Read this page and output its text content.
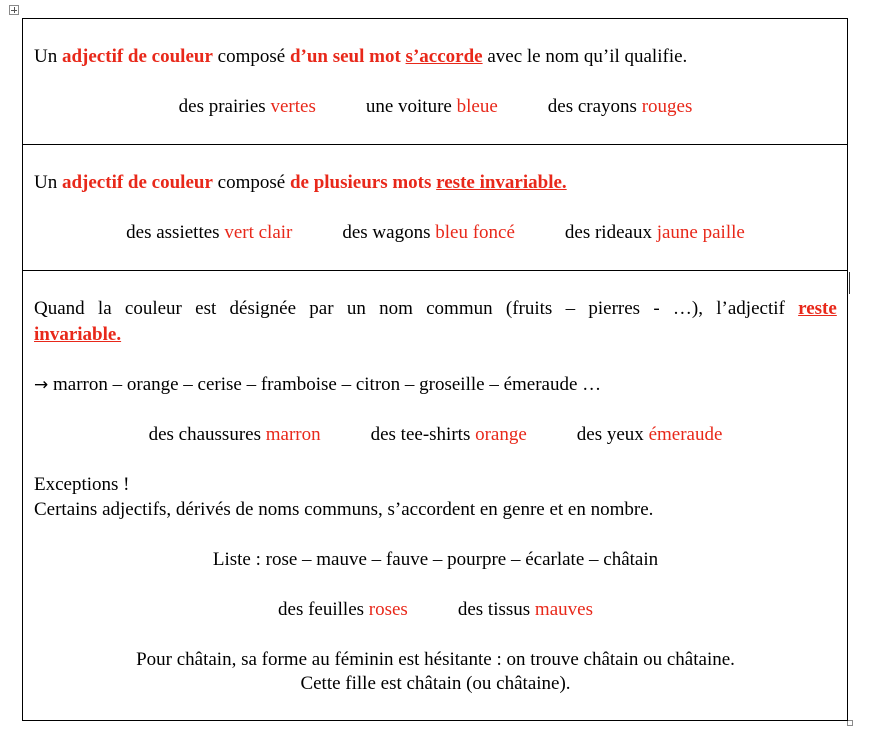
Un adjectif de couleur composé d’un seul mot s’accorde avec le nom qu’il qualifie.
des prairies vertes	une voiture bleue	des crayons rouges
Un adjectif de couleur composé de plusieurs mots reste invariable.
des assiettes vert clair	des wagons bleu foncé	des rideaux jaune paille
Quand la couleur est désignée par un nom commun (fruits – pierres - …), l’adjectif reste
invariable.
→ marron – orange – cerise – framboise – citron – groseille – émeraude …
des chaussures marron	des tee-shirts orange	des yeux émeraude
Exceptions !
Certains adjectifs, dérivés de noms communs, s’accordent en genre et en nombre.
Liste : rose – mauve – fauve – pourpre – écarlate – châtain
des feuilles roses	des tissus mauves
Pour châtain, sa forme au féminin est hésitante : on trouve châtain ou châtaine.
Cette fille est châtain (ou châtaine).
